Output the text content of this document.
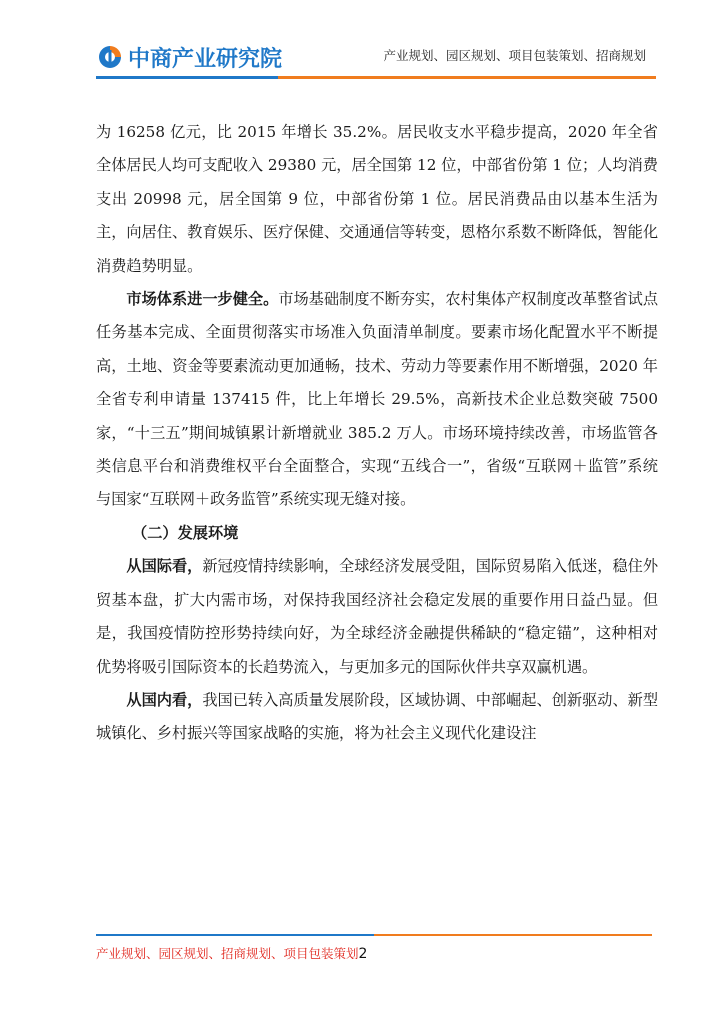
中商产业研究院	产业规划、园区规划、项目包装策划、招商规划

为 16258 亿元，比 2015 年增长 35.2%。居民收支水平稳步提高，2020 年全省全体居民人均可支配收入 29380 元，居全国第 12 位，中部省份第 1 位；人均消费支出 20998 元，居全国第 9 位，中部省份第 1 位。居民消费品由以基本生活为主，向居住、教育娱乐、医疗保健、交通通信等转变，恩格尔系数不断降低，智能化消费趋势明显。

市场体系进一步健全。市场基础制度不断夯实，农村集体产权制度改革整省试点任务基本完成、全面贯彻落实市场准入负面清单制度。要素市场化配置水平不断提高，土地、资金等要素流动更加通畅，技术、劳动力等要素作用不断增强，2020 年全省专利申请量 137415 件，比上年增长 29.5%，高新技术企业总数突破 7500 家，“十三五”期间城镇累计新增就业 385.2 万人。市场环境持续改善，市场监管各类信息平台和消费维权平台全面整合，实现“五线合一”，省级“互联网＋监管”系统与国家“互联网＋政务监管”系统实现无缝对接。

（二）发展环境

从国际看，新冠疫情持续影响，全球经济发展受阻，国际贸易陷入低迷，稳住外贸基本盘，扩大内需市场，对保持我国经济社会稳定发展的重要作用日益凸显。但是，我国疫情防控形势持续向好，为全球经济金融提供稀缺的“稳定锚”，这种相对优势将吸引国际资本的长趋势流入，与更加多元的国际伙伴共享双赢机遇。

从国内看，我国已转入高质量发展阶段，区域协调、中部崛起、创新驱动、新型城镇化、乡村振兴等国家战略的实施，将为社会主义现代化建设注

产业规划、园区规划、招商规划、项目包装策划2
